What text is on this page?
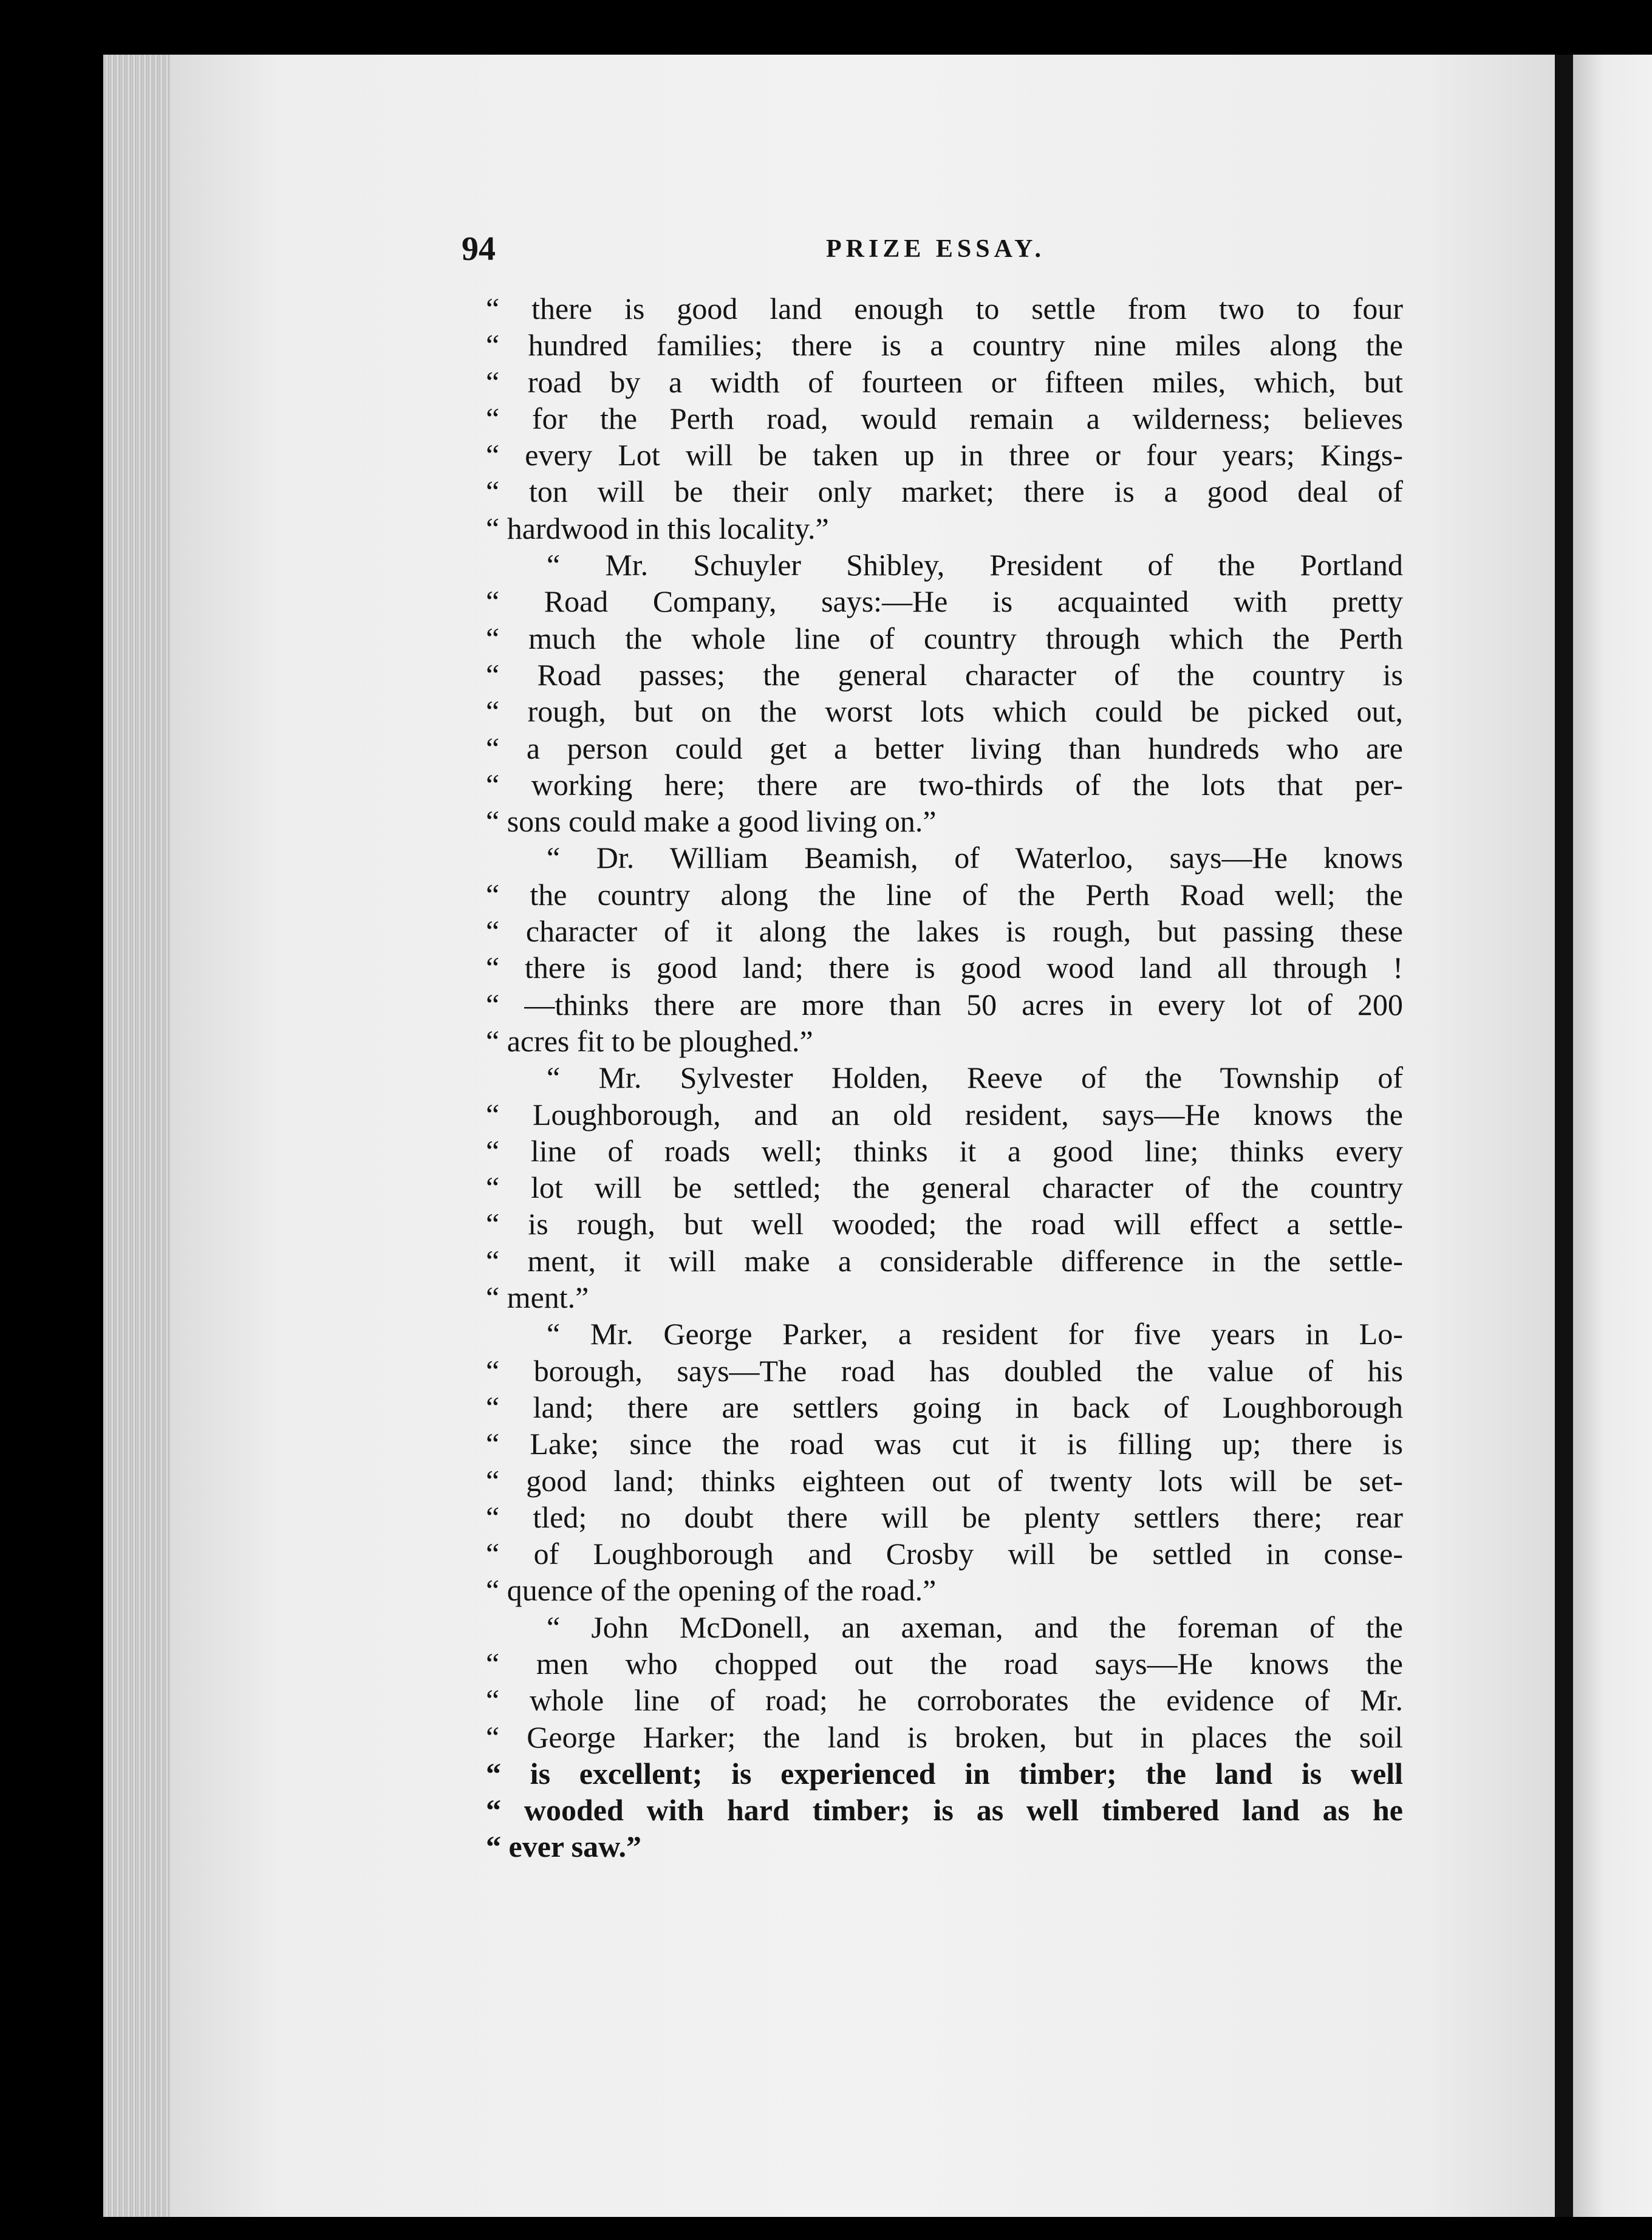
94	PRIZE ESSAY.
“ there is good land enough to settle from two to four
“ hundred families; there is a country nine miles along the
“ road by a width of fourteen or fifteen miles, which, but
“ for the Perth road, would remain a wilderness; believes
“ every Lot will be taken up in three or four years; Kings-
“ ton will be their only market; there is a good deal of
“ hardwood in this locality.”
“ Mr. Schuyler Shibley, President of the Portland
“ Road Company, says:—He is acquainted with pretty
“ much the whole line of country through which the Perth
“ Road passes; the general character of the country is
“ rough, but on the worst lots which could be picked out,
“ a person could get a better living than hundreds who are
“ working here; there are two-thirds of the lots that per-
“ sons could make a good living on.”
“ Dr. William Beamish, of Waterloo, says—He knows
“ the country along the line of the Perth Road well; the
“ character of it along the lakes is rough, but passing these
“ there is good land; there is good wood land all through !
“ —thinks there are more than 50 acres in every lot of 200
“ acres fit to be ploughed.”
“ Mr. Sylvester Holden, Reeve of the Township of
“ Loughborough, and an old resident, says—He knows the
“ line of roads well; thinks it a good line; thinks every
“ lot will be settled; the general character of the country
“ is rough, but well wooded; the road will effect a settle-
“ ment, it will make a considerable difference in the settle-
“ ment.”
“ Mr. George Parker, a resident for five years in Lo-
“ borough, says—The road has doubled the value of his
“ land; there are settlers going in back of Loughborough
“ Lake; since the road was cut it is filling up; there is
“ good land; thinks eighteen out of twenty lots will be set-
“ tled; no doubt there will be plenty settlers there; rear
“ of Loughborough and Crosby will be settled in conse-
“ quence of the opening of the road.”
“ John McDonell, an axeman, and the foreman of the
“ men who chopped out the road says—He knows the
“ whole line of road; he corroborates the evidence of Mr.
“ George Harker; the land is broken, but in places the soil
“ is excellent; is experienced in timber; the land is well
“ wooded with hard timber; is as well timbered land as he
“ ever saw.”
